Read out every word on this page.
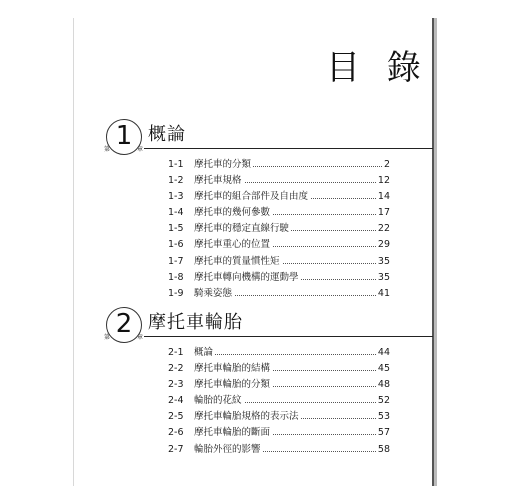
目 錄
1
第	章
概論
1-1 摩托車的分類	2
1-2 摩托車規格	12
1-3 摩托車的組合部件及自由度	14
1-4 摩托車的幾何參數	17
1-5 摩托車的穩定直線行駛	22
1-6 摩托車重心的位置	29
1-7 摩托車的質量慣性矩	35
1-8 摩托車轉向機構的運動學	35
1-9 騎乘姿態	41
2
第	章
摩托車輪胎
2-1 概論	44
2-2 摩托車輪胎的結構	45
2-3 摩托車輪胎的分類	48
2-4 輪胎的花紋	52
2-5 摩托車輪胎規格的表示法	53
2-6 摩托車輪胎的斷面	57
2-7 輪胎外徑的影響	58
